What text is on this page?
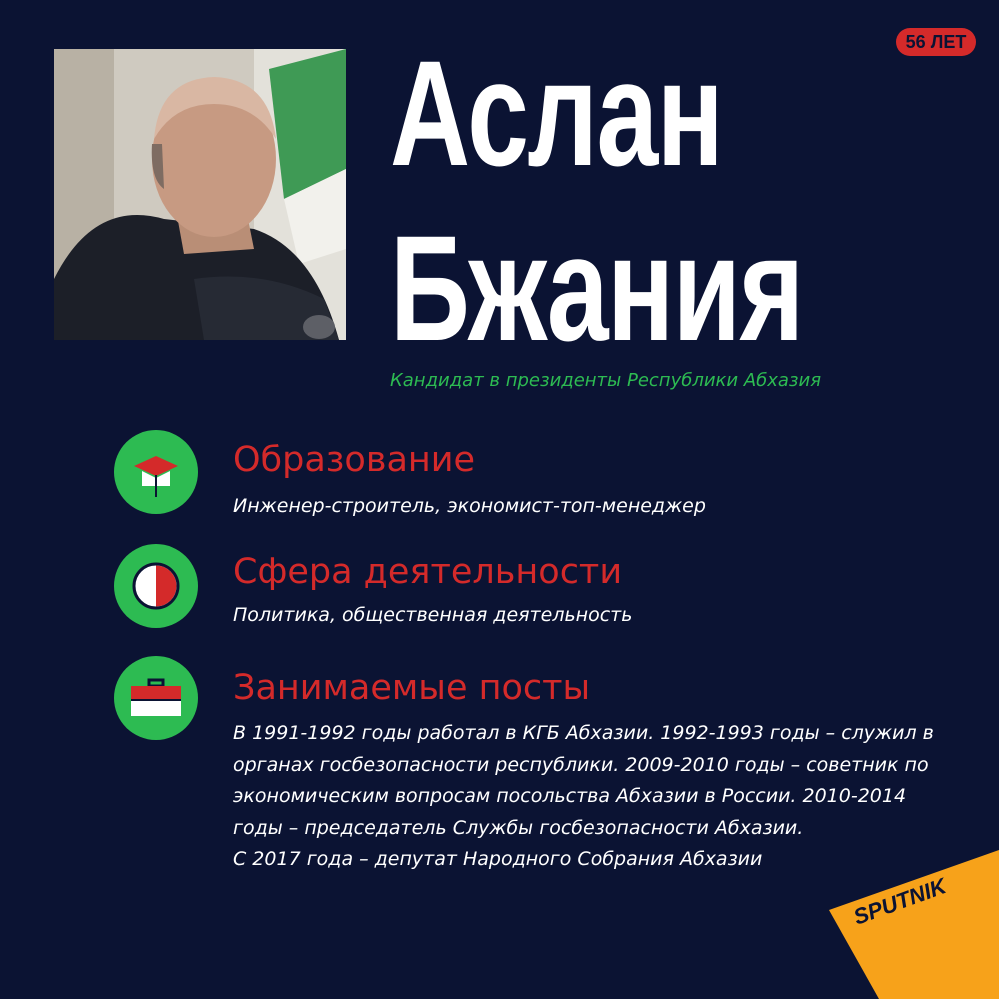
56 ЛЕТ
Аслан
Бжания
Кандидат в президенты Республики Абхазия
Образование
Инженер-строитель, экономист-топ-менеджер
Сфера деятельности
Политика, общественная деятельность
Занимаемые посты
В 1991-1992 годы работал в КГБ Абхазии. 1992-1993 годы – служил в
органах госбезопасности республики. 2009-2010 годы – советник по
экономическим вопросам посольства Абхазии в России. 2010-2014
годы – председатель Службы госбезопасности Абхазии.
С 2017 года – депутат Народного Собрания Абхазии
SPUTNIK
